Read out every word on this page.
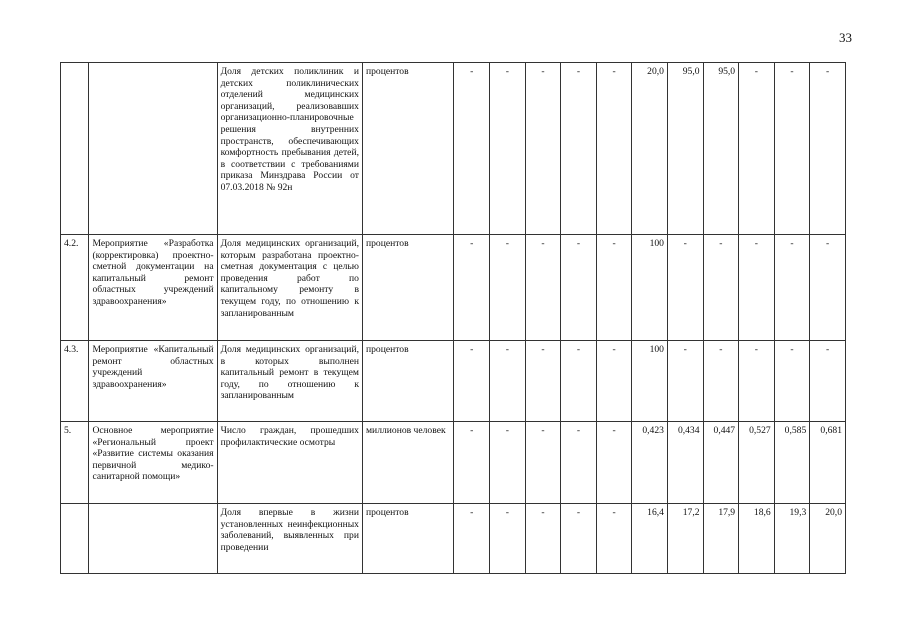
33
		Доля детских поликлиник и детских поликлинических отделений медицинских организаций, реализовавших организационно-планировочные решения внутренних пространств, обеспечивающих комфортность пребывания детей, в соответствии с требованиями приказа Минздрава России от 07.03.2018 № 92н	процентов	-	-	-	-	-	20,0	95,0	95,0	-	-	-
4.2.	Мероприятие «Разработка (корректировка) проектно-сметной документации на капитальный ремонт областных учреждений здравоохранения»	Доля медицинских организаций, которым разработана проектно-сметная документация с целью проведения работ по капитальному ремонту в текущем году, по отношению к запланированным	процентов	-	-	-	-	-	100	-	-	-	-	-
4.3.	Мероприятие «Капитальный ремонт областных учреждений здравоохранения»	Доля медицинских организаций, в которых выполнен капитальный ремонт в текущем году, по отношению к запланированным	процентов	-	-	-	-	-	100	-	-	-	-	-
5.	Основное мероприятие «Региональный проект «Развитие системы оказания первичной медико-санитарной помощи»	Число граждан, прошедших профилактические осмотры	миллионов человек	-	-	-	-	-	0,423	0,434	0,447	0,527	0,585	0,681
		Доля впервые в жизни установленных неинфекционных заболеваний, выявленных при проведении	процентов	-	-	-	-	-	16,4	17,2	17,9	18,6	19,3	20,0
